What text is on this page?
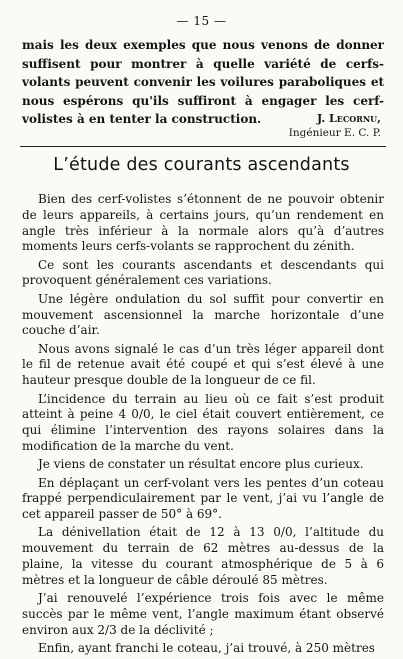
— 15 —

mais les deux exemples que nous venons de donner suffisent pour montrer à quelle variété de cerfs-volants peuvent convenir les voilures paraboliques et nous espérons qu'ils suffiront à engager les cerf-volistes à en tenter la construction.	J. Lecornu,
Ingénieur E. C. P.
L’étude des courants ascendants

Bien des cerf-volistes s’étonnent de ne pouvoir obtenir de leurs appareils, à certains jours, qu’un rendement en angle très inférieur à la normale alors qu’à d’autres moments leurs cerfs-volants se rapprochent du zénith.

Ce sont les courants ascendants et descendants qui provoquent généralement ces variations.

Une légère ondulation du sol suffit pour convertir en mouvement ascensionnel la marche horizontale d’une couche d’air.

Nous avons signalé le cas d’un très léger appareil dont le fil de retenue avait été coupé et qui s’est élevé à une hauteur presque double de la longueur de ce fil.

L’incidence du terrain au lieu où ce fait s’est produit atteint à peine 4 0/0, le ciel était couvert entièrement, ce qui élimine l’intervention des rayons solaires dans la modification de la marche du vent.

Je viens de constater un résultat encore plus curieux.

En déplaçant un cerf-volant vers les pentes d’un coteau frappé perpendiculairement par le vent, j’ai vu l’angle de cet appareil passer de 50° à 69°.

La dénivellation était de 12 à 13 0/0, l’altitude du mouvement du terrain de 62 mètres au-dessus de la plaine, la vitesse du courant atmosphérique de 5 à 6 mètres et la longueur de câble déroulé 85 mètres.

J’ai renouvelé l’expérience trois fois avec le même succès par le même vent, l’angle maximum étant observé environ aux 2/3 de la déclivité ;

Enfin, ayant franchi le coteau, j’ai trouvé, à 250 mètres
